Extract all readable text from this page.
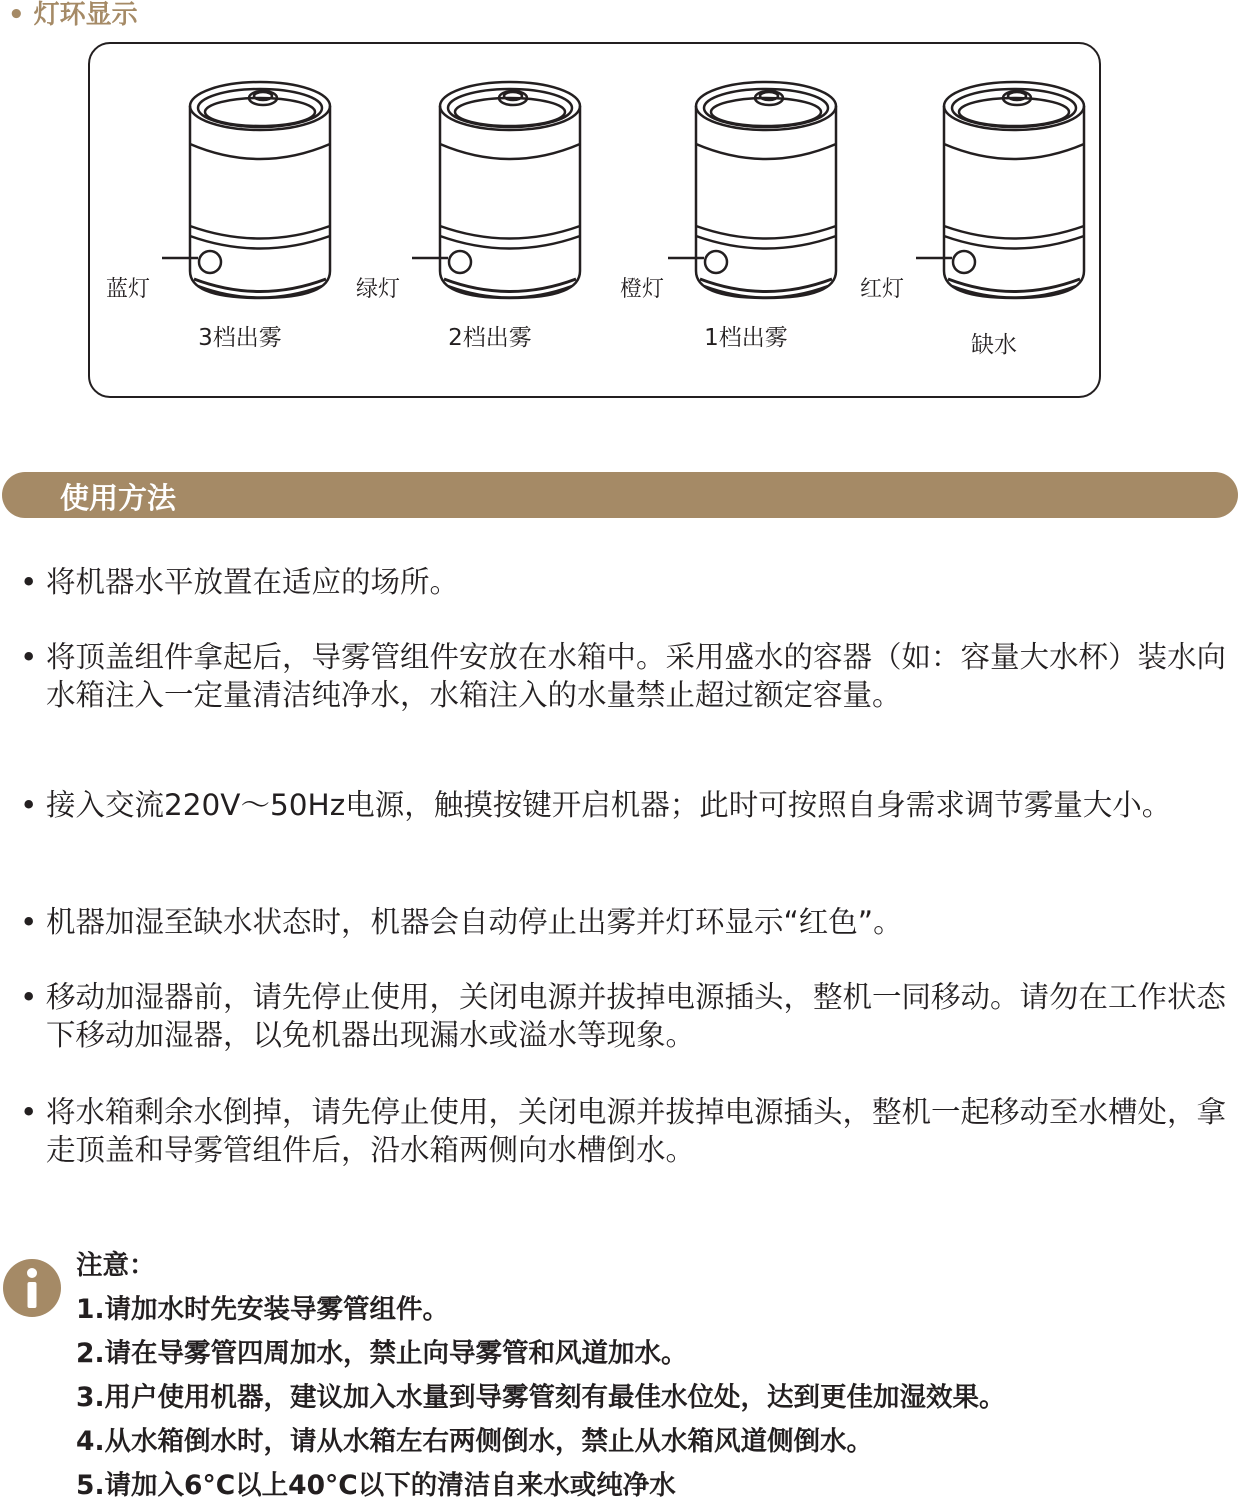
• 灯环显示
蓝灯
3档出雾
绿灯
2档出雾
橙灯
1档出雾
红灯
缺水
使用方法
• 将机器水平放置在适应的场所。
• 将顶盖组件拿起后，导雾管组件安放在水箱中。采用盛水的容器（如：容量大水杯）装水向水箱注入一定量清洁纯净水，水箱注入的水量禁止超过额定容量。
• 接入交流220V～50Hz电源，触摸按键开启机器；此时可按照自身需求调节雾量大小。
• 机器加湿至缺水状态时，机器会自动停止出雾并灯环显示“红色”。
• 移动加湿器前，请先停止使用，关闭电源并拔掉电源插头，整机一同移动。请勿在工作状态下移动加湿器，以免机器出现漏水或溢水等现象。
• 将水箱剩余水倒掉，请先停止使用，关闭电源并拔掉电源插头，整机一起移动至水槽处，拿走顶盖和导雾管组件后，沿水箱两侧向水槽倒水。
注意：
1.请加水时先安装导雾管组件。
2.请在导雾管四周加水，禁止向导雾管和风道加水。
3.用户使用机器，建议加入水量到导雾管刻有最佳水位处，达到更佳加湿效果。
4.从水箱倒水时，请从水箱左右两侧倒水，禁止从水箱风道侧倒水。
5.请加入6°C以上40°C以下的清洁自来水或纯净水
